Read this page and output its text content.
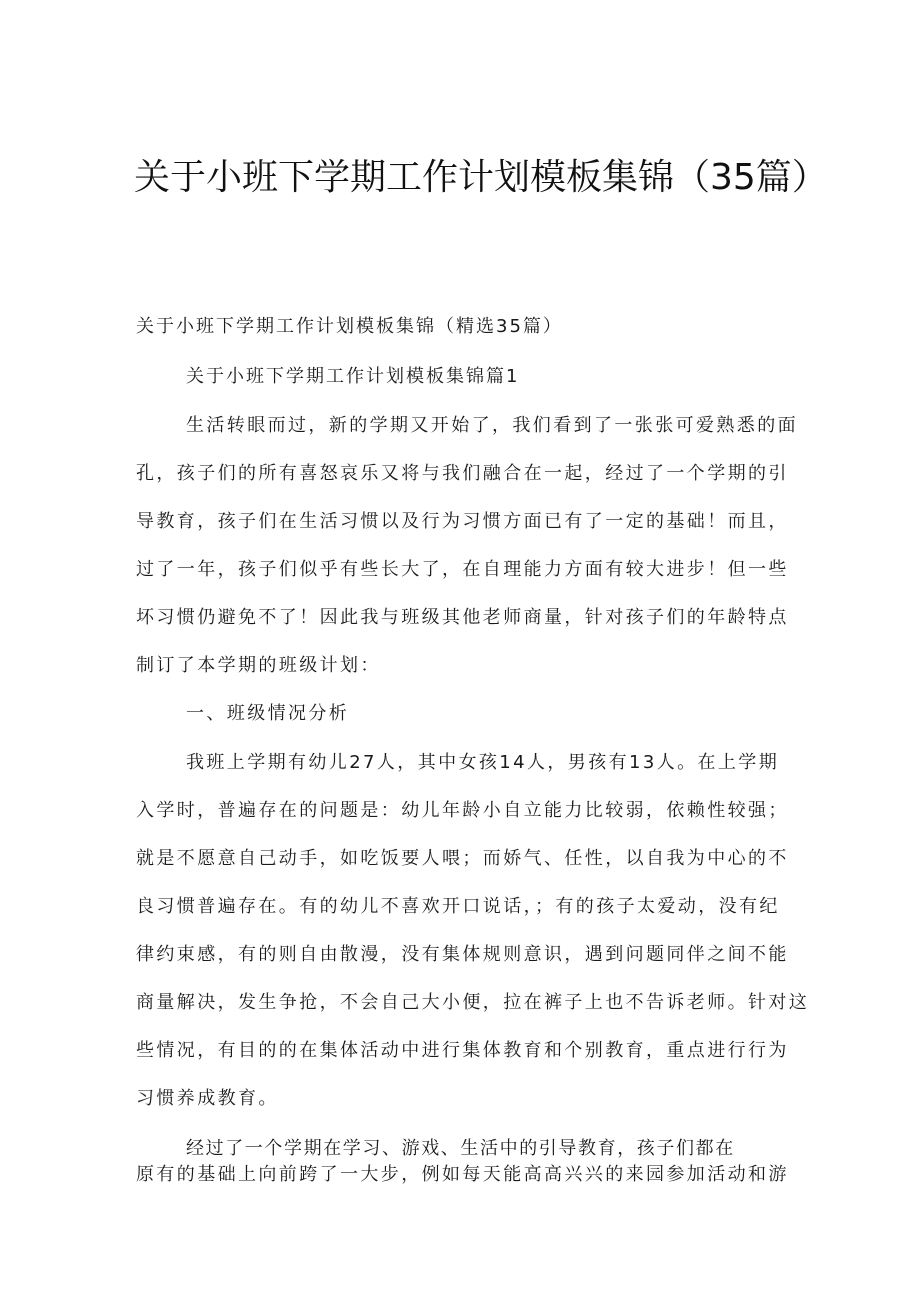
关于小班下学期工作计划模板集锦（35篇）

关于小班下学期工作计划模板集锦（精选35篇）

关于小班下学期工作计划模板集锦篇1

生活转眼而过，新的学期又开始了，我们看到了一张张可爱熟悉的面

孔，孩子们的所有喜怒哀乐又将与我们融合在一起，经过了一个学期的引

导教育，孩子们在生活习惯以及行为习惯方面已有了一定的基础！而且，

过了一年，孩子们似乎有些长大了，在自理能力方面有较大进步！但一些

坏习惯仍避免不了！因此我与班级其他老师商量，针对孩子们的年龄特点

制订了本学期的班级计划：

一、班级情况分析

我班上学期有幼儿27人，其中女孩14人，男孩有13人。在上学期

入学时，普遍存在的问题是：幼儿年龄小自立能力比较弱，依赖性较强；

就是不愿意自己动手，如吃饭要人喂；而娇气、任性，以自我为中心的不

良习惯普遍存在。有的幼儿不喜欢开口说话，；有的孩子太爱动，没有纪

律约束感，有的则自由散漫，没有集体规则意识，遇到问题同伴之间不能

商量解决，发生争抢，不会自己大小便，拉在裤子上也不告诉老师。针对这

些情况，有目的的在集体活动中进行集体教育和个别教育，重点进行行为

习惯养成教育。

经过了一个学期在学习、游戏、生活中的引导教育，孩子们都在

原有的基础上向前跨了一大步，例如每天能高高兴兴的来园参加活动和游
